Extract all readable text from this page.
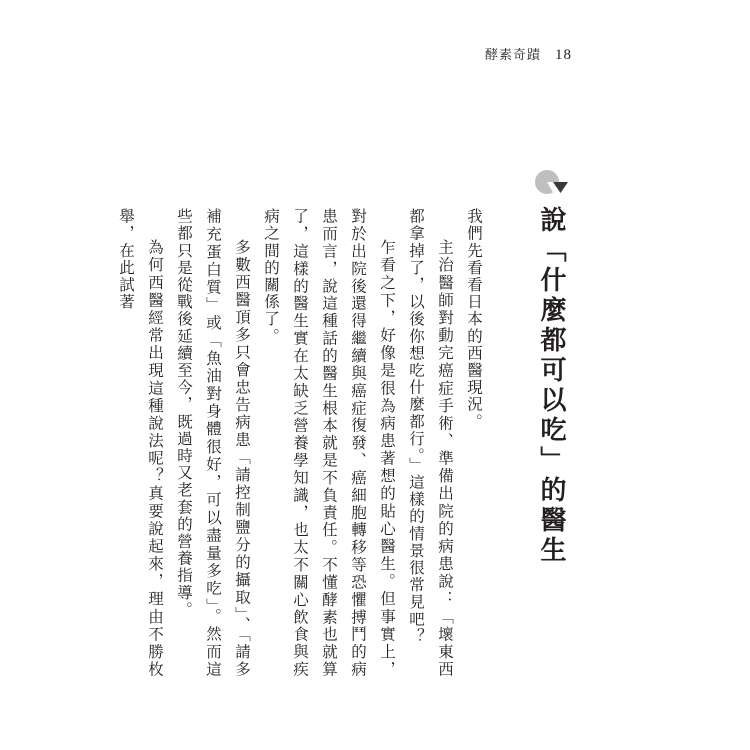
酵素奇蹟 18
說「什麼都可以吃」的醫生

我們先看看日本的西醫現況。

主治醫師對動完癌症手術、準備出院的病患說：「壞東西都拿掉了，以後你想吃什麼都行。」這樣的情景很常見吧？

乍看之下，好像是很為病患著想的貼心醫生。但事實上，對於出院後還得繼續與癌症復發、癌細胞轉移等恐懼搏鬥的病患而言，說這種話的醫生根本就是不負責任。不懂酵素也就算了，這樣的醫生實在太缺乏營養學知識，也太不關心飲食與疾病之間的關係了。

多數西醫頂多只會忠告病患「請控制鹽分的攝取」、「請多補充蛋白質」或「魚油對身體很好，可以盡量多吃」。然而這些都只是從戰後延續至今，既過時又老套的營養指導。

為何西醫經常出現這種說法呢？真要說起來，理由不勝枚舉，在此試著
